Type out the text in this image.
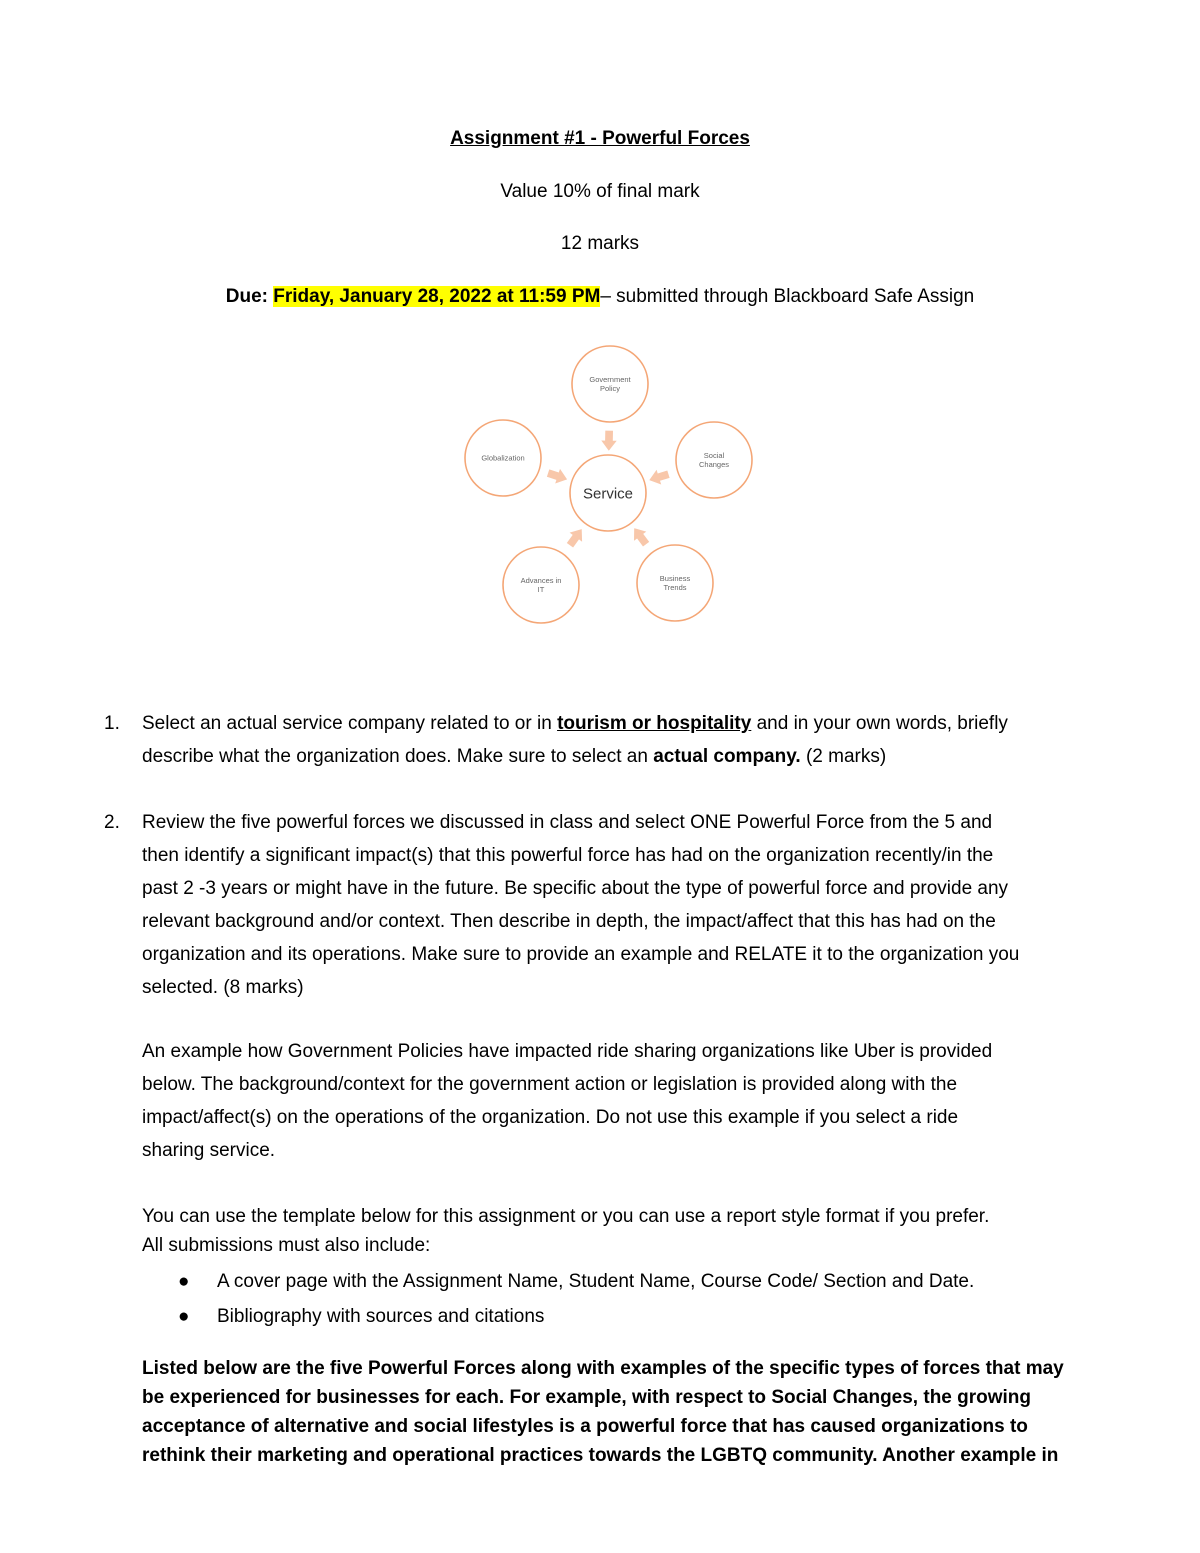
Assignment #1 - Powerful Forces
Value 10% of final mark
12 marks
Due: Friday, January 28, 2022 at 11:59 PM– submitted through Blackboard Safe Assign
Service
Government
Policy
Social
Changes
Business
Trends
Advances in
IT
Globalization
1.	Select an actual service company related to or in tourism or hospitality and in your own words, briefly
describe what the organization does. Make sure to select an actual company. (2 marks)
2.	Review the five powerful forces we discussed in class and select ONE Powerful Force from the 5 and
then identify a significant impact(s) that this powerful force has had on the organization recently/in the
past 2 -3 years or might have in the future. Be specific about the type of powerful force and provide any
relevant background and/or context. Then describe in depth, the impact/affect that this has had on the
organization and its operations. Make sure to provide an example and RELATE it to the organization you
selected. (8 marks)
An example how Government Policies have impacted ride sharing organizations like Uber is provided
below. The background/context for the government action or legislation is provided along with the
impact/affect(s) on the operations of the organization. Do not use this example if you select a ride
sharing service.
You can use the template below for this assignment or you can use a report style format if you prefer.
All submissions must also include:
● A cover page with the Assignment Name, Student Name, Course Code/ Section and Date.
● Bibliography with sources and citations
Listed below are the five Powerful Forces along with examples of the specific types of forces that may
be experienced for businesses for each. For example, with respect to Social Changes, the growing
acceptance of alternative and social lifestyles is a powerful force that has caused organizations to
rethink their marketing and operational practices towards the LGBTQ community. Another example in
